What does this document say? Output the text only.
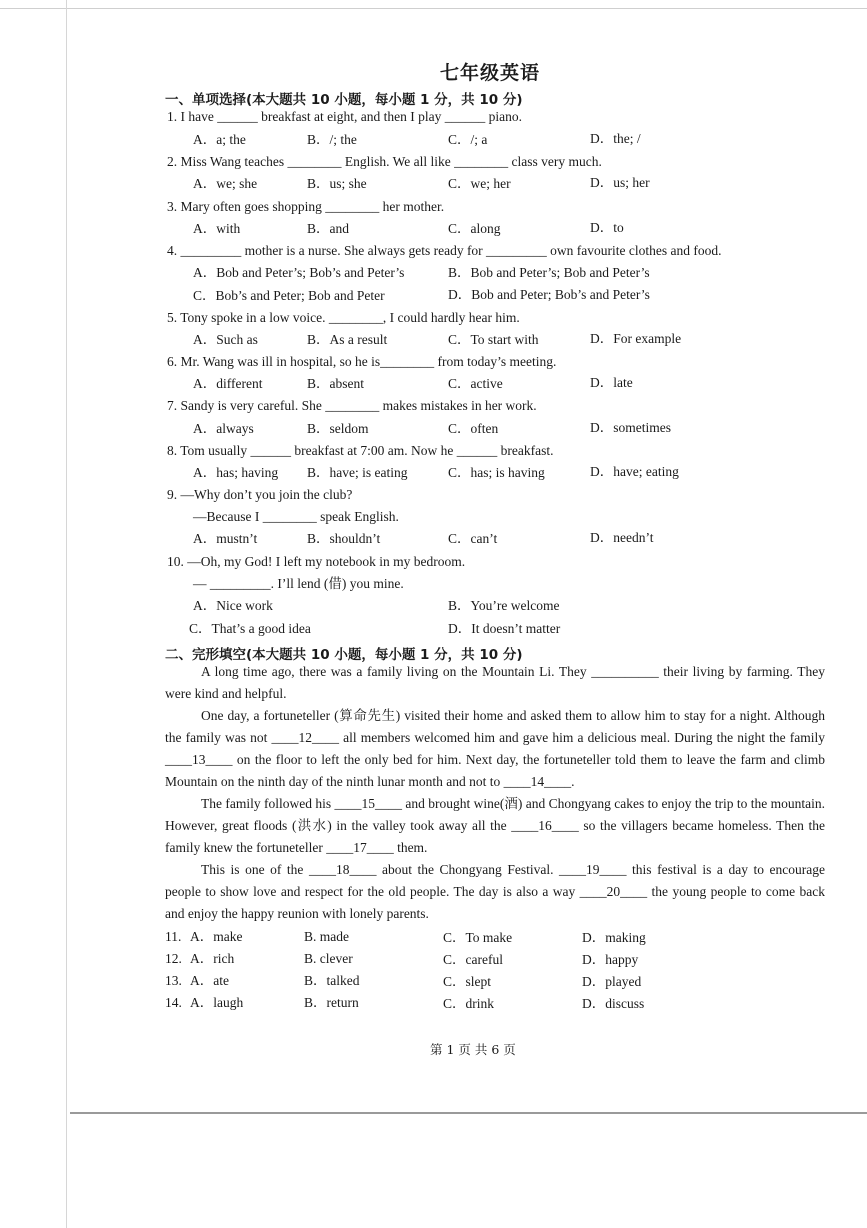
七年级英语
一、单项选择(本大题共 10 小题，每小题 1 分，共 10 分)
1. I have ______ breakfast at eight, and then I play ______ piano.
A．a; the	B．/; the	C．/; a	D．the; /
2. Miss Wang teaches ________ English. We all like ________ class very much.
A．we; she	B．us; she	C．we; her	D．us; her
3. Mary often goes shopping ________ her mother.
A．with	B．and	C．along	D．to
4. _________ mother is a nurse. She always gets ready for _________ own favourite clothes and food.
A．Bob and Peter’s; Bob’s and Peter’s	B．Bob and Peter’s; Bob and Peter’s
C．Bob’s and Peter; Bob and Peter	D．Bob and Peter; Bob’s and Peter’s
5. Tony spoke in a low voice. ________, I could hardly hear him.
A．Such as	B．As a result	C．To start with	D．For example
6. Mr. Wang was ill in hospital, so he is________ from today’s meeting.
A．different	B．absent	C．active	D．late
7. Sandy is very careful. She ________ makes mistakes in her work.
A．always	B．seldom	C．often	D．sometimes
8. Tom usually ______ breakfast at 7:00 am. Now he ______ breakfast.
A．has; having B．have; is eating	C．has; is having	D．have; eating
9. —Why don’t you join the club?
—Because I ________ speak English.
A．mustn’t	B．shouldn’t	C．can’t	D．needn’t
10. —Oh, my God! I left my notebook in my bedroom.
— _________. I’ll lend (借) you mine.
A．Nice work	B．You’re welcome
C．That’s a good idea	D．It doesn’t matter
二、完形填空(本大题共 10 小题，每小题 1 分，共 10 分)

A long time ago, there was a family living on the Mountain Li. They __________ their living by farming. They were kind and helpful.

One day, a fortuneteller (算命先生) visited their home and asked them to allow him to stay for a night. Although the family was not ____12____ all members welcomed him and gave him a delicious meal. During the night the family ____13____ on the floor to left the only bed for him. Next day, the fortuneteller told them to leave the farm and climb Mountain on the ninth day of the ninth lunar month and not to ____14____.

The family followed his ____15____ and brought wine(酒) and Chongyang cakes to enjoy the trip to the mountain. However, great floods (洪水) in the valley took away all the ____16____ so the villagers became homeless. Then the family knew the fortuneteller ____17____ them.

This is one of the ____18____ about the Chongyang Festival. ____19____ this festival is a day to encourage people to show love and respect for the old people. The day is also a way ____20____ the young people to come back and enjoy the happy reunion with lonely parents.

11. A．make	B. made	C．To make	D．making
12. A．rich	B. clever	C．careful	D．happy
13. A．ate	B．talked	C．slept	D．played
14. A．laugh	B．return	C．drink	D．discuss
第 1 页 共 6 页
